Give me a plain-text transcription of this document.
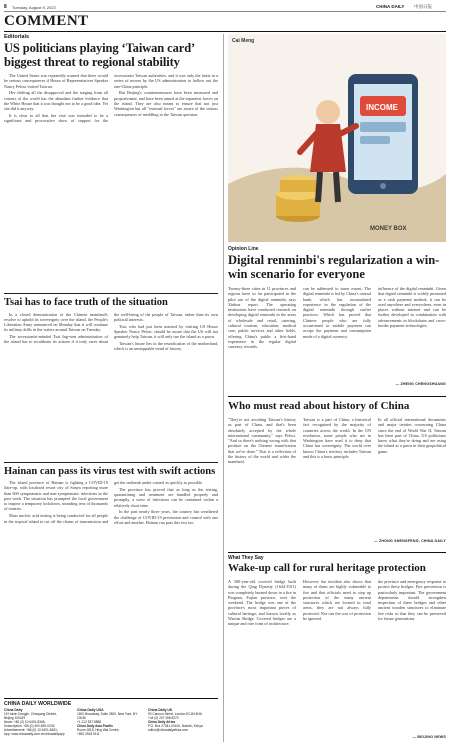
8 Tuesday, August 9, 2022	CHINA DAILY 中国日报
COMMENT
Editorials
US politicians playing ‘Taiwan card’ biggest threat to regional stability

The United States was repeatedly warned that there would be serious consequences if House of Representatives Speaker Nancy Pelosi visited Taiwan.

Her shifting all the disapproval and the surging from all corners of the world has the abundant further evidence that the White House that it was thought not to be a good idea. Yet she did it anyway.

It is clear to all that her visit was intended to be a significant and provocative show of support for the secessionist Taiwan authorities, and it was only the latest in a series of moves by the US administration to hollow out the one-China principle.

But Beijing's countermeasures have been measured and proportionate, and have been aimed at the separatist forces on the island. They are also meant to ensure that not just Washington but all "external forces" are aware of the serious consequences of meddling in the Taiwan question.

Tsai has to face truth of the situation

In a closed demonstration of the Chinese mainland's resolve to uphold its sovereignty over the island, the People's Liberation Army announced on Monday that it will continue its military drills in the waters around Taiwan on Tuesday.

The secessionist-minded Tsai Ing-wen administration of the island has to recalibrate its actions if it truly cares about the well-being of the people of Taiwan, rather than its own political interests.

Tsai, who had just been assisted by visiting US House Speaker Nancy Pelosi, should be aware that the US will not genuinely help Taiwan, it will only use the island as a pawn.

Taiwan's future lies in the reunification of the motherland, which is an unstoppable trend of history.

Hainan can pass its virus test with swift actions

The island province of Hainan is fighting a COVID-19 flare-up, with localized resort city of Sanya reporting more than 600 symptomatic and non-symptomatic infections in the past week. The situation has prompted the local government to impose a temporary lockdown, stranding tens of thousands of tourists.

Mass nucleic acid testing is being conducted for all people in the tropical island to cut off the chains of transmission and get the outbreak under control as quickly as possible.

The province has proved that as long as the testing, quarantining and treatment are handled properly and promptly, a wave of infections can be contained within a relatively short time.

In the past nearly three years, the country has weathered the challenge of COVID-19 prevention and control with one effort and another. Hainan can pass this test too.

CHINA DAILY WORLDWIDE
China Daily
15 Huixin Dongjie, Chaoyang District,
Beijing 100029
News: +86 (0) 10 6491-8366;
Subscription: +86 (0) 400-699-0203;
Advertisement: +86 (0) 10 6491-8631;
App: www.chinadaily.com.cn/chinadailyapp
China Daily USA
1500 Broadway, Suite 2800, New York, NY 10036
+1 212 537 8888
China Daily Asia Pacific
Room 1818, Hing Wai Centre,
+852 2518 5111
China Daily UK
90 Cannon Street, London EC4N 6HA
+44 (0) 207 398 8270
China Daily Africa
P.O. Box 27281-00100, Nairobi, Kenya
editor@chinadailyafrica.com
INCOME
MONEY BOX
Cai Meng
Opinion Line
Digital renminbi's regularization a win-win scenario for everyone
Twenty-three cities in 11 provinces and regions have so far participated in the pilot use of the digital renminbi, says Xinhua report. The operating institutions have conducted research on developing digital renminbi in the areas of wholesale and retail, catering, cultural tourism, education, medical care, public services and other fields, offering China's public a first-hand experience in the regular digital currency rewards.
can be addressed to some extent. The digital renminbi is led by China's central bank, which has accumulated experience in the regulation of the digital renminbi through earlier practices. Which has proved that Chinese people who are fully accustomed to mobile payment can accept the payment and consumption mode of a digital currency.
influence of the digital renminbi. Given that digital renminbi is widely promoted as a cash payment method, it can be used anywhere and everywhere, even in places without internet and can be further developed in combination with advancements in blockchain and cross-border payment technologies.
— ZHENG CHENGSHUANG
Who must read about history of China
"They're not avoiding Taiwan's history as part of China, and that's been absolutely accepted by the whole international community," says Pelosi. "And so there's nothing wrong with that position on the Chinese reunification that we've done." That is a reflection of the history of the world and wider the mainland.
Taiwan is a part of China, a historical fact recognized by the majority of countries across the world. In the UN resolution, some people who are in Washington have used it to deny that China has sovereignty. The world over knows China's territory includes Taiwan and this is a basic principle.
In all official international documents and major treaties concerning China since the end of World War II, Taiwan has been part of China. US politicians know what they're doing and are using the island as a pawn in their geopolitical game.
— ZHONG SHENGFENG, CHINA DAILY
What They Say
Wake-up call for rural heritage protection
A 300-year-old covered bridge built during the Qing Dynasty (1644-1911) was completely burned down in a fire in Pingnan, Fujian province, over the weekend. The bridge was one of the province's most important pieces of cultural heritage, and known locally as Wan'an Bridge. Covered bridges are a unique and rare form of architecture.
However, the incident also shows that many of them are highly vulnerable to fire and that officials need to step up protection of the many ancient structures which are located in rural areas, they are not always fully protected. Nor can the cost of protection be ignored.
the province and emergency response to protect these bridges. Fire prevention is particularly important. The government departments should strengthen inspection of these bridges and other ancient wooden structures to eliminate fire risks so that they can be preserved for future generations.
— BEIJING NEWS
